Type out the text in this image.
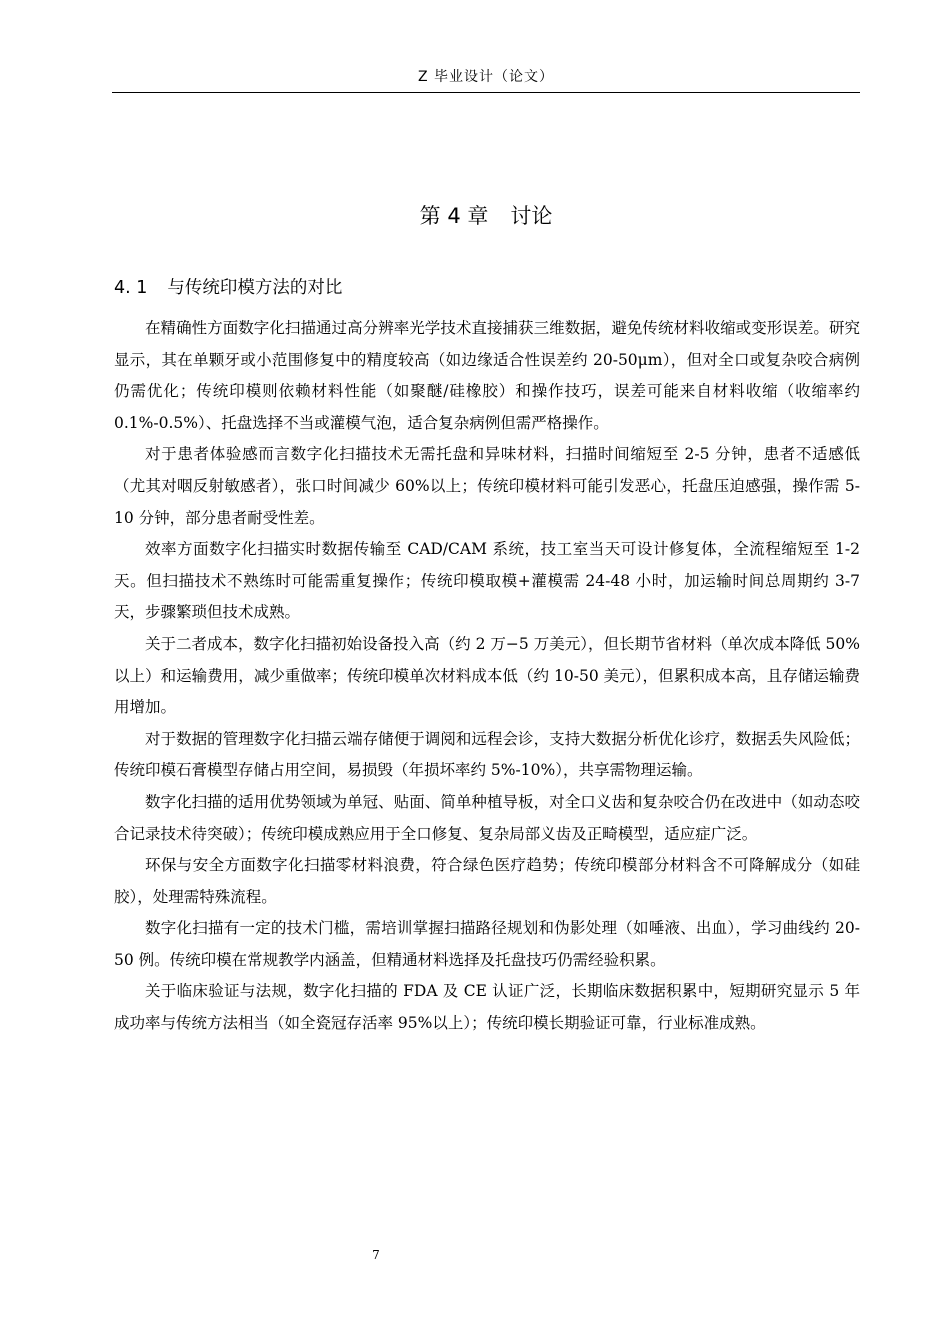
Z 毕业设计（论文）
第 4 章 讨论
4. 1 与传统印模方法的对比

在精确性方面数字化扫描通过高分辨率光学技术直接捕获三维数据，避免传统材料收缩或变形误差。研究显示，其在单颗牙或小范围修复中的精度较高（如边缘适合性误差约 20-50μm），但对全口或复杂咬合病例仍需优化；传统印模则依赖材料性能（如聚醚/硅橡胶）和操作技巧，误差可能来自材料收缩（收缩率约 0.1%-0.5%）、托盘选择不当或灌模气泡，适合复杂病例但需严格操作。

对于患者体验感而言数字化扫描技术无需托盘和异味材料，扫描时间缩短至 2-5 分钟，患者不适感低（尤其对咽反射敏感者），张口时间减少 60%以上；传统印模材料可能引发恶心，托盘压迫感强，操作需 5-10 分钟，部分患者耐受性差。

效率方面数字化扫描实时数据传输至 CAD/CAM 系统，技工室当天可设计修复体，全流程缩短至 1-2 天。但扫描技术不熟练时可能需重复操作；传统印模取模+灌模需 24-48 小时，加运输时间总周期约 3-7 天，步骤繁琐但技术成熟。

关于二者成本，数字化扫描初始设备投入高（约 2 万−5 万美元），但长期节省材料（单次成本降低 50%以上）和运输费用，减少重做率；传统印模单次材料成本低（约 10-50 美元），但累积成本高，且存储运输费用增加。

对于数据的管理数字化扫描云端存储便于调阅和远程会诊，支持大数据分析优化诊疗，数据丢失风险低；传统印模石膏模型存储占用空间，易损毁（年损坏率约 5%-10%），共享需物理运输。

数字化扫描的适用优势领域为单冠、贴面、简单种植导板，对全口义齿和复杂咬合仍在改进中（如动态咬合记录技术待突破）；传统印模成熟应用于全口修复、复杂局部义齿及正畸模型，适应症广泛。

环保与安全方面数字化扫描零材料浪费，符合绿色医疗趋势；传统印模部分材料含不可降解成分（如硅胶），处理需特殊流程。

数字化扫描有一定的技术门槛，需培训掌握扫描路径规划和伪影处理（如唾液、出血），学习曲线约 20-50 例。传统印模在常规教学内涵盖，但精通材料选择及托盘技巧仍需经验积累。

关于临床验证与法规，数字化扫描的 FDA 及 CE 认证广泛，长期临床数据积累中，短期研究显示 5 年成功率与传统方法相当（如全瓷冠存活率 95%以上）；传统印模长期验证可靠，行业标准成熟。

7
